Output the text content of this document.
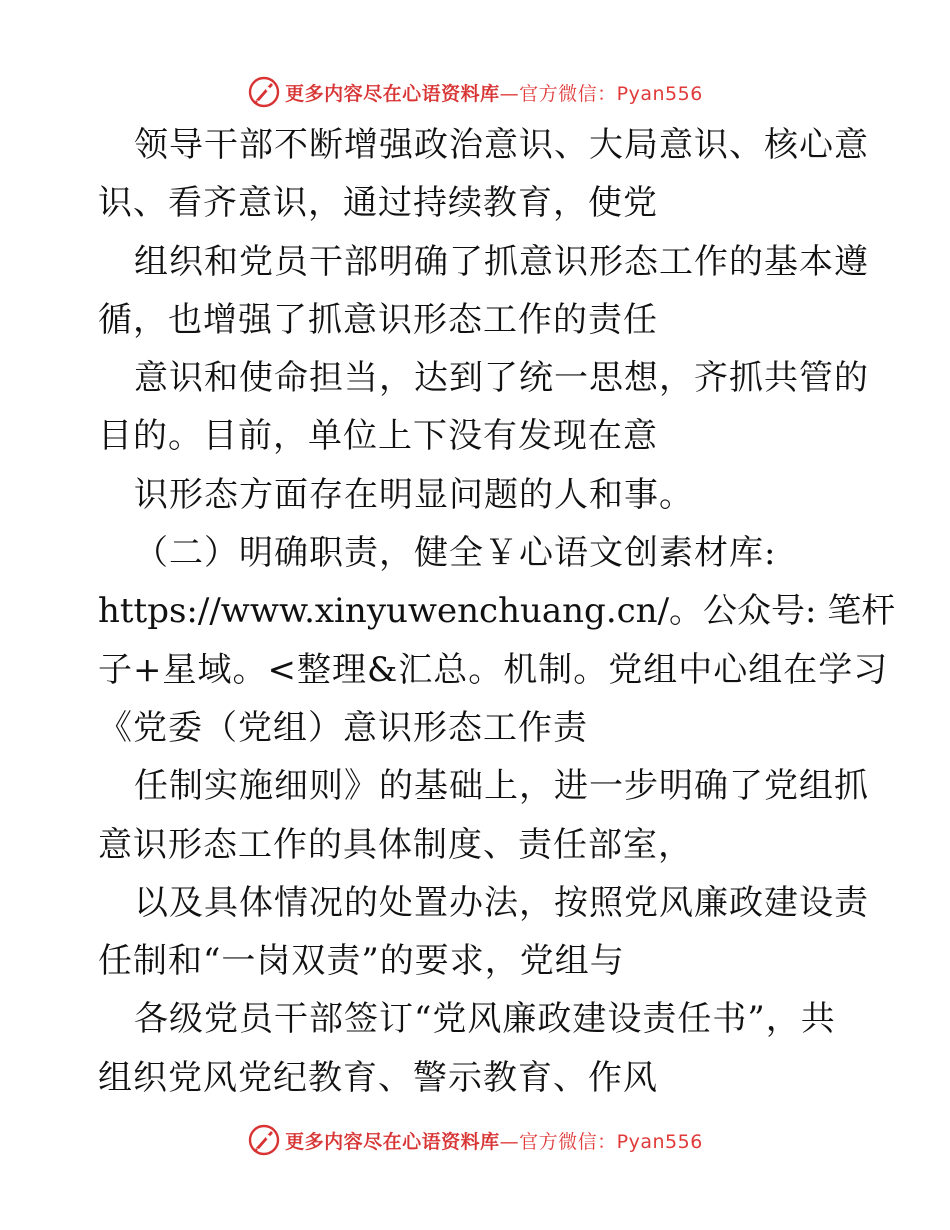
更多内容尽在心语资料库—官方微信：Pyan556
领导干部不断增强政治意识、大局意识、核心意
识、看齐意识，通过持续教育，使党
组织和党员干部明确了抓意识形态工作的基本遵
循，也增强了抓意识形态工作的责任
意识和使命担当，达到了统一思想，齐抓共管的
目的。目前，单位上下没有发现在意
识形态方面存在明显问题的人和事。
（二）明确职责，健全￥心语文创素材库:
https://www.xinyuwenchuang.cn/。公众号: 笔杆
子+星域。<整理&汇总。机制。党组中心组在学习
《党委（党组）意识形态工作责
任制实施细则》的基础上，进一步明确了党组抓
意识形态工作的具体制度、责任部室，
以及具体情况的处置办法，按照党风廉政建设责
任制和“一岗双责”的要求，党组与
各级党员干部签订“党风廉政建设责任书”，共
组织党风党纪教育、警示教育、作风
更多内容尽在心语资料库—官方微信：Pyan556
